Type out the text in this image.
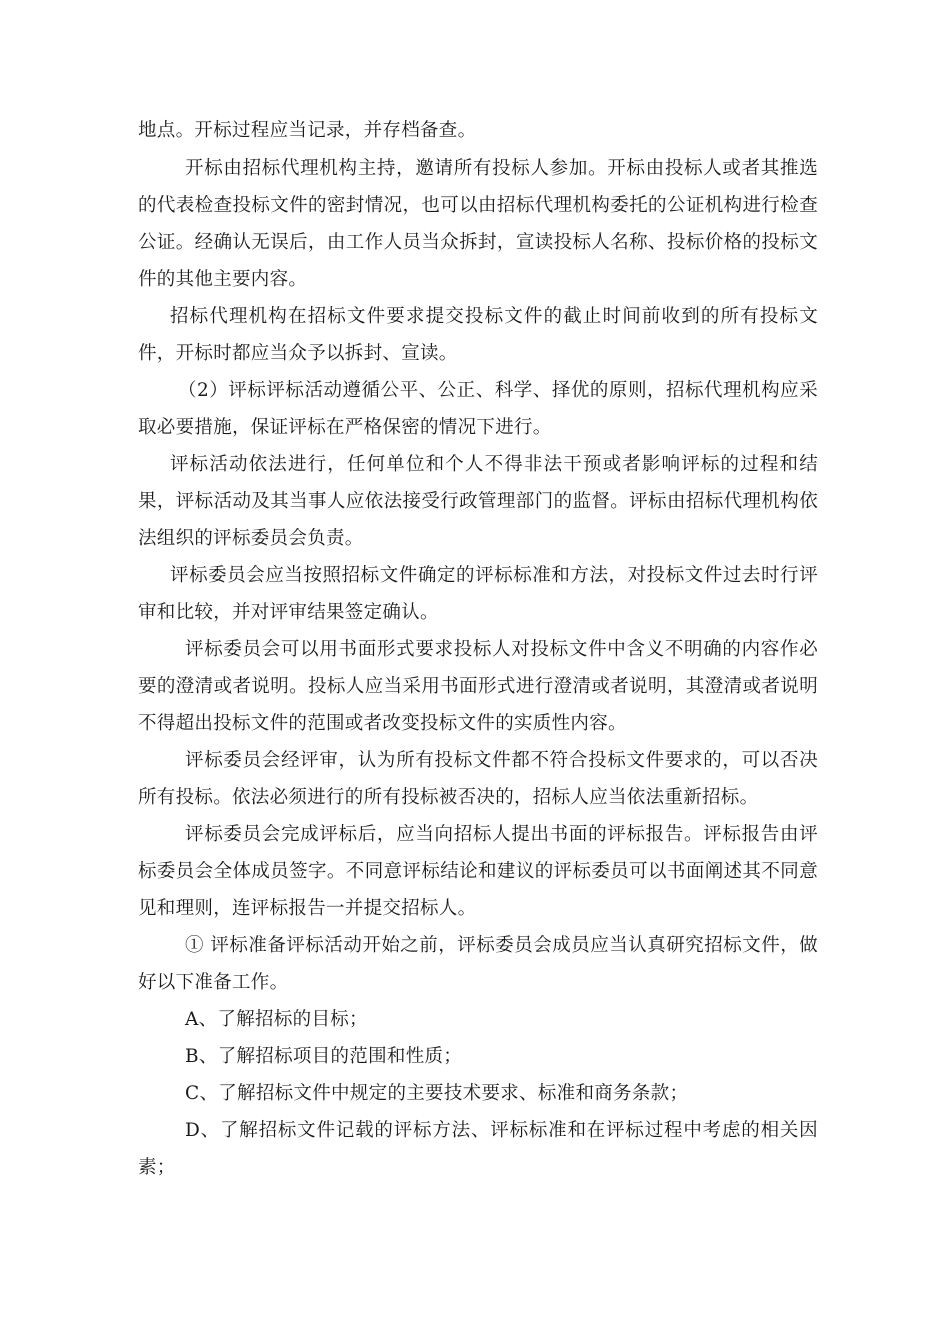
地点。开标过程应当记录，并存档备查。

开标由招标代理机构主持，邀请所有投标人参加。开标由投标人或者其推选的代表检查投标文件的密封情况，也可以由招标代理机构委托的公证机构进行检查公证。经确认无误后，由工作人员当众拆封，宣读投标人名称、投标价格的投标文件的其他主要内容。

招标代理机构在招标文件要求提交投标文件的截止时间前收到的所有投标文件，开标时都应当众予以拆封、宣读。

（2）评标评标活动遵循公平、公正、科学、择优的原则，招标代理机构应采取必要措施，保证评标在严格保密的情况下进行。

评标活动依法进行，任何单位和个人不得非法干预或者影响评标的过程和结果，评标活动及其当事人应依法接受行政管理部门的监督。评标由招标代理机构依法组织的评标委员会负责。

评标委员会应当按照招标文件确定的评标标准和方法，对投标文件过去时行评审和比较，并对评审结果签定确认。

评标委员会可以用书面形式要求投标人对投标文件中含义不明确的内容作必要的澄清或者说明。投标人应当采用书面形式进行澄清或者说明，其澄清或者说明不得超出投标文件的范围或者改变投标文件的实质性内容。

评标委员会经评审，认为所有投标文件都不符合投标文件要求的，可以否决所有投标。依法必须进行的所有投标被否决的，招标人应当依法重新招标。

评标委员会完成评标后，应当向招标人提出书面的评标报告。评标报告由评标委员会全体成员签字。不同意评标结论和建议的评标委员可以书面阐述其不同意见和理则，连评标报告一并提交招标人。

① 评标准备评标活动开始之前，评标委员会成员应当认真研究招标文件，做好以下准备工作。

A、了解招标的目标；

B、了解招标项目的范围和性质；

C、了解招标文件中规定的主要技术要求、标准和商务条款；

D、了解招标文件记载的评标方法、评标标准和在评标过程中考虑的相关因素；
